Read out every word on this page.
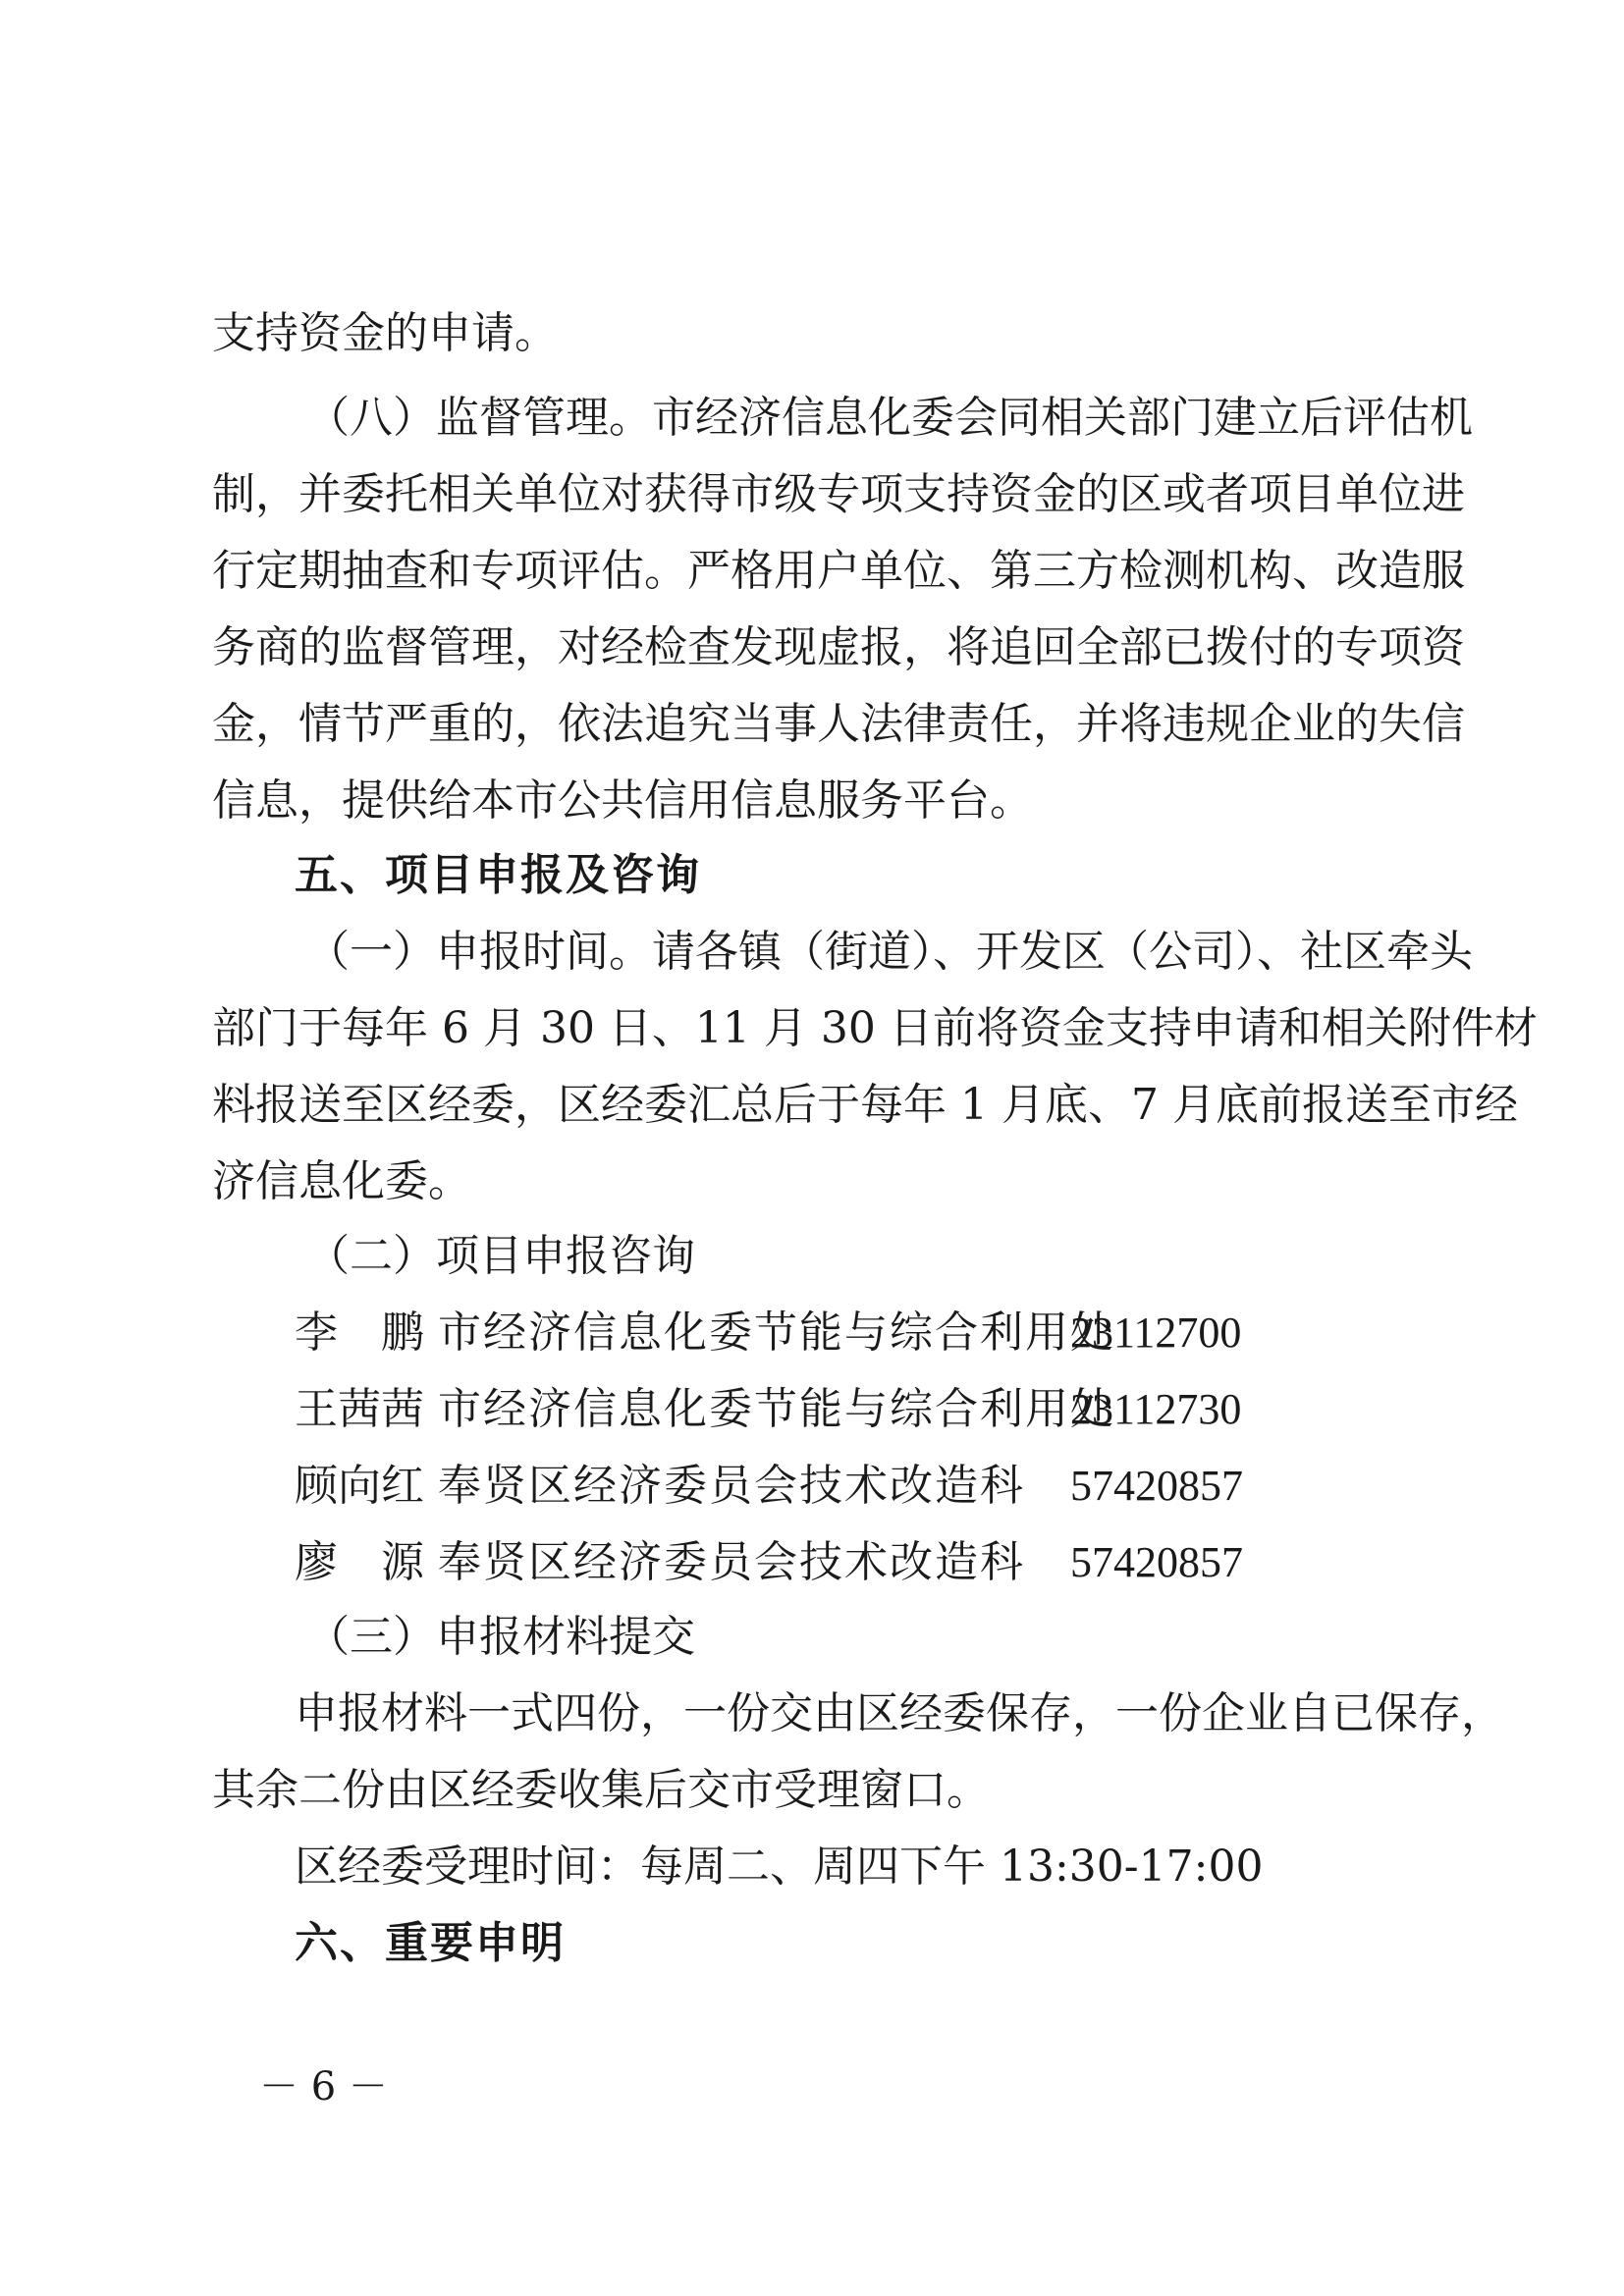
支持资金的申请。
（八）监督管理。市经济信息化委会同相关部门建立后评估机
制，并委托相关单位对获得市级专项支持资金的区或者项目单位进
行定期抽查和专项评估。严格用户单位、第三方检测机构、改造服
务商的监督管理，对经检查发现虚报，将追回全部已拨付的专项资
金，情节严重的，依法追究当事人法律责任，并将违规企业的失信
信息，提供给本市公共信用信息服务平台。
五、项目申报及咨询
（一）申报时间。请各镇（街道）、开发区（公司）、社区牵头
部门于每年 6 月 30 日、11 月 30 日前将资金支持申请和相关附件材
料报送至区经委，区经委汇总后于每年 1 月底、7 月底前报送至市经
济信息化委。
（二）项目申报咨询
李　鹏 市经济信息化委节能与综合利用处
23112700
王茜茜 市经济信息化委节能与综合利用处
23112730
顾向红 奉贤区经济委员会技术改造科 57420857
廖　源 奉贤区经济委员会技术改造科 57420857
（三）申报材料提交
申报材料一式四份，一份交由区经委保存，一份企业自已保存，
其余二份由区经委收集后交市受理窗口。
区经委受理时间：每周二、周四下午 13:30-17:00
六、重要申明
－ 6 －
